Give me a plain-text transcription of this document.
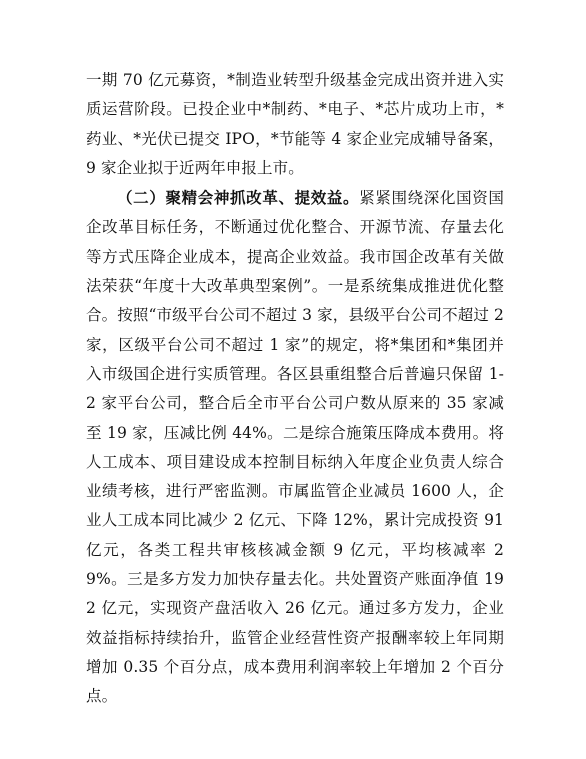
一期 70 亿元募资，*制造业转型升级基金完成出资并进入实质运营阶段。已投企业中*制药、*电子、*芯片成功上市，*药业、*光伏已提交 IPO，*节能等 4 家企业完成辅导备案，9 家企业拟于近两年申报上市。

（二）聚精会神抓改革、提效益。紧紧围绕深化国资国企改革目标任务，不断通过优化整合、开源节流、存量去化等方式压降企业成本，提高企业效益。我市国企改革有关做法荣获“年度十大改革典型案例”。一是系统集成推进优化整合。按照“市级平台公司不超过 3 家，县级平台公司不超过 2 家，区级平台公司不超过 1 家”的规定，将*集团和*集团并入市级国企进行实质管理。各区县重组整合后普遍只保留 1-2 家平台公司，整合后全市平台公司户数从原来的 35 家减至 19 家，压减比例 44%。二是综合施策压降成本费用。将人工成本、项目建设成本控制目标纳入年度企业负责人综合业绩考核，进行严密监测。市属监管企业减员 1600 人，企业人工成本同比减少 2 亿元、下降 12%，累计完成投资 91 亿元，各类工程共审核核减金额 9 亿元，平均核减率 29%。三是多方发力加快存量去化。共处置资产账面净值 192 亿元，实现资产盘活收入 26 亿元。通过多方发力，企业效益指标持续抬升，监管企业经营性资产报酬率较上年同期增加 0.35 个百分点，成本费用利润率较上年增加 2 个百分点。
